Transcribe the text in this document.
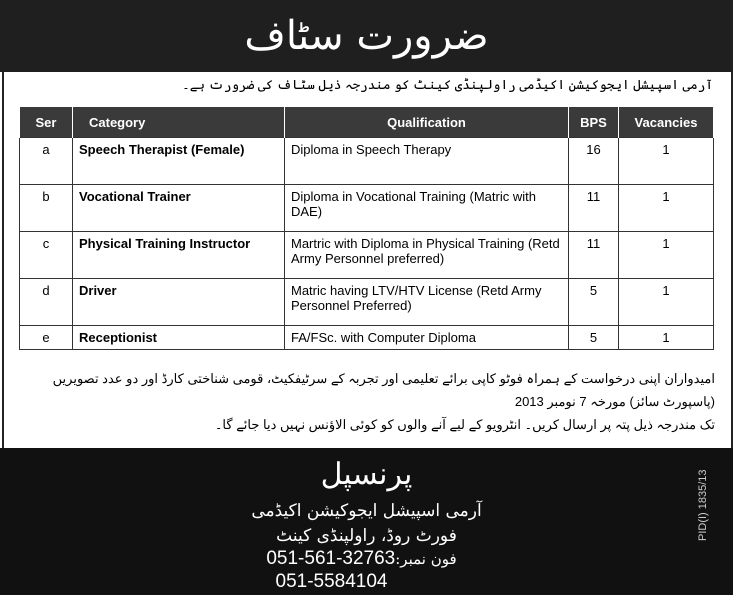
ضرورت سٹاف
آرمی اسپیشل ایجوکیشن اکیڈمی راولپنڈی کینٹ کو مندرجہ ذیل سٹاف کی ضرورت ہے۔
Ser	Category	Qualification	BPS	Vacancies
a	Speech Therapist (Female)	Diploma in Speech Therapy	16	1
b	Vocational Trainer	Diploma in Vocational Training (Matric with DAE)	11	1
c	Physical Training Instructor	Martric with Diploma in Physical Training (Retd Army Personnel preferred)	11	1
d	Driver	Matric having LTV/HTV License (Retd Army Personnel Preferred)	5	1
e	Receptionist	FA/FSc. with Computer Diploma	5	1
امیدواران اپنی درخواست کے ہمراہ فوٹو کاپی برائے تعلیمی اور تجربہ کے سرٹیفکیٹ، قومی شناختی کارڈ اور دو عدد تصویریں (پاسپورٹ سائز) مورخہ 7 نومبر 2013
تک مندرجہ ذیل پتہ پر ارسال کریں۔ انٹرویو کے لیے آنے والوں کو کوئی الاؤنس نہیں دیا جائے گا۔
پرنسپل
آرمی اسپیشل ایجوکیشن اکیڈمی
فورٹ روڈ، راولپنڈی کینٹ
051-561-32763فون نمبر:
051-5584104
PID(I) 1835/13
